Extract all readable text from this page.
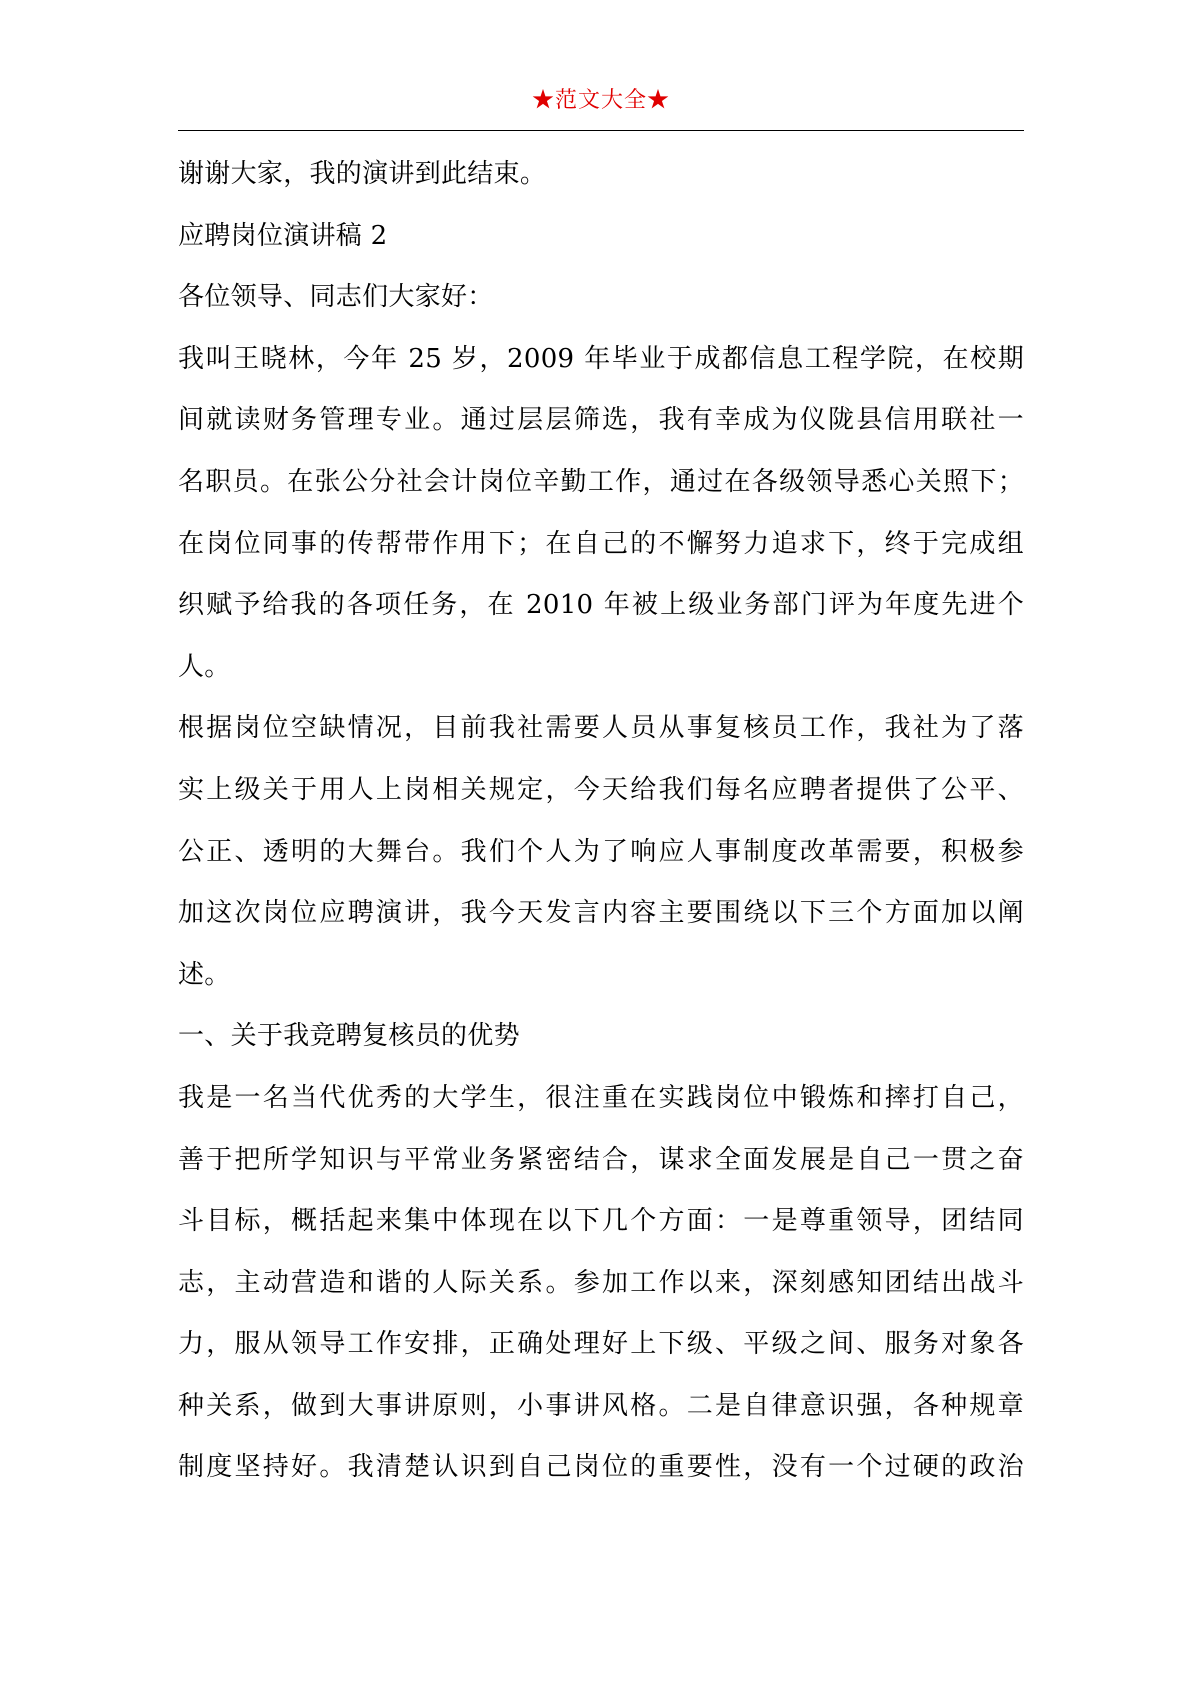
★范文大全★
谢谢大家，我的演讲到此结束。
应聘岗位演讲稿 2
各位领导、同志们大家好：
我叫王晓林，今年 25 岁，2009 年毕业于成都信息工程学院，在校期
间就读财务管理专业。通过层层筛选，我有幸成为仪陇县信用联社一
名职员。在张公分社会计岗位辛勤工作，通过在各级领导悉心关照下；
在岗位同事的传帮带作用下；在自己的不懈努力追求下，终于完成组
织赋予给我的各项任务，在 2010 年被上级业务部门评为年度先进个
人。
根据岗位空缺情况，目前我社需要人员从事复核员工作，我社为了落
实上级关于用人上岗相关规定，今天给我们每名应聘者提供了公平、
公正、透明的大舞台。我们个人为了响应人事制度改革需要，积极参
加这次岗位应聘演讲，我今天发言内容主要围绕以下三个方面加以阐
述。
一、关于我竞聘复核员的优势
我是一名当代优秀的大学生，很注重在实践岗位中锻炼和摔打自己，
善于把所学知识与平常业务紧密结合，谋求全面发展是自己一贯之奋
斗目标，概括起来集中体现在以下几个方面：一是尊重领导，团结同
志，主动营造和谐的人际关系。参加工作以来，深刻感知团结出战斗
力，服从领导工作安排，正确处理好上下级、平级之间、服务对象各
种关系，做到大事讲原则，小事讲风格。二是自律意识强，各种规章
制度坚持好。我清楚认识到自己岗位的重要性，没有一个过硬的政治
